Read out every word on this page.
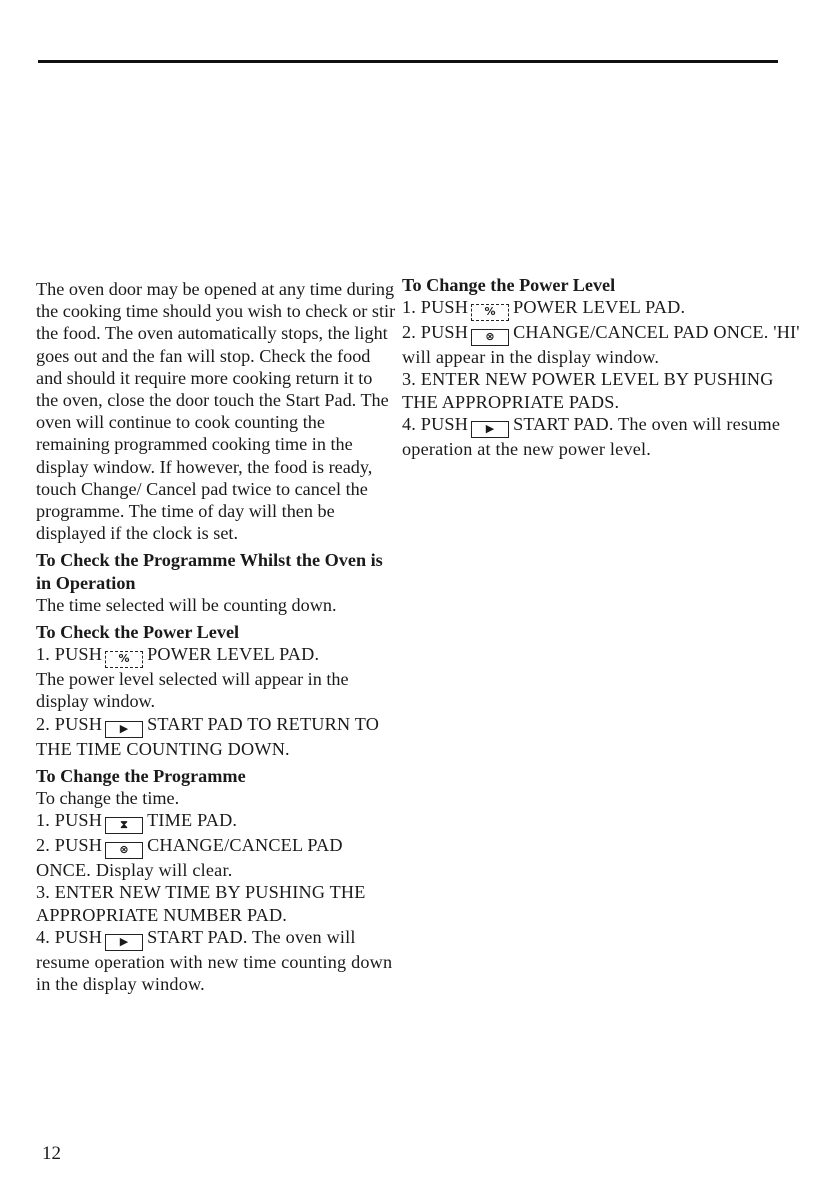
The oven door may be opened at any time during the cooking time should you wish to check or stir the food. The oven automatically stops, the light goes out and the fan will stop. Check the food and should it require more cooking return it to the oven, close the door touch the Start Pad. The oven will continue to cook counting the remaining programmed cooking time in the display window. If however, the food is ready, touch Change/ Cancel pad twice to cancel the programme. The time of day will then be displayed if the clock is set.

To Check the Programme Whilst the Oven is in Operation

The time selected will be counting down.

To Check the Power Level

1. PUSH % POWER LEVEL PAD.

The power level selected will appear in the display window.

2. PUSH ▶ START PAD TO RETURN TO THE TIME COUNTING DOWN.

To Change the Programme

To change the time.

1. PUSH ⧗ TIME PAD.

2. PUSH ⊗ CHANGE/CANCEL PAD ONCE. Display will clear.

3. ENTER NEW TIME BY PUSHING THE APPROPRIATE NUMBER PAD.

4. PUSH ▶ START PAD. The oven will resume operation with new time counting down in the display window.

To Change the Power Level

1. PUSH % POWER LEVEL PAD.

2. PUSH ⊗ CHANGE/CANCEL PAD ONCE. 'HI' will appear in the display window.

3. ENTER NEW POWER LEVEL BY PUSHING THE APPROPRIATE PADS.

4. PUSH ▶ START PAD. The oven will resume operation at the new power level.

12
